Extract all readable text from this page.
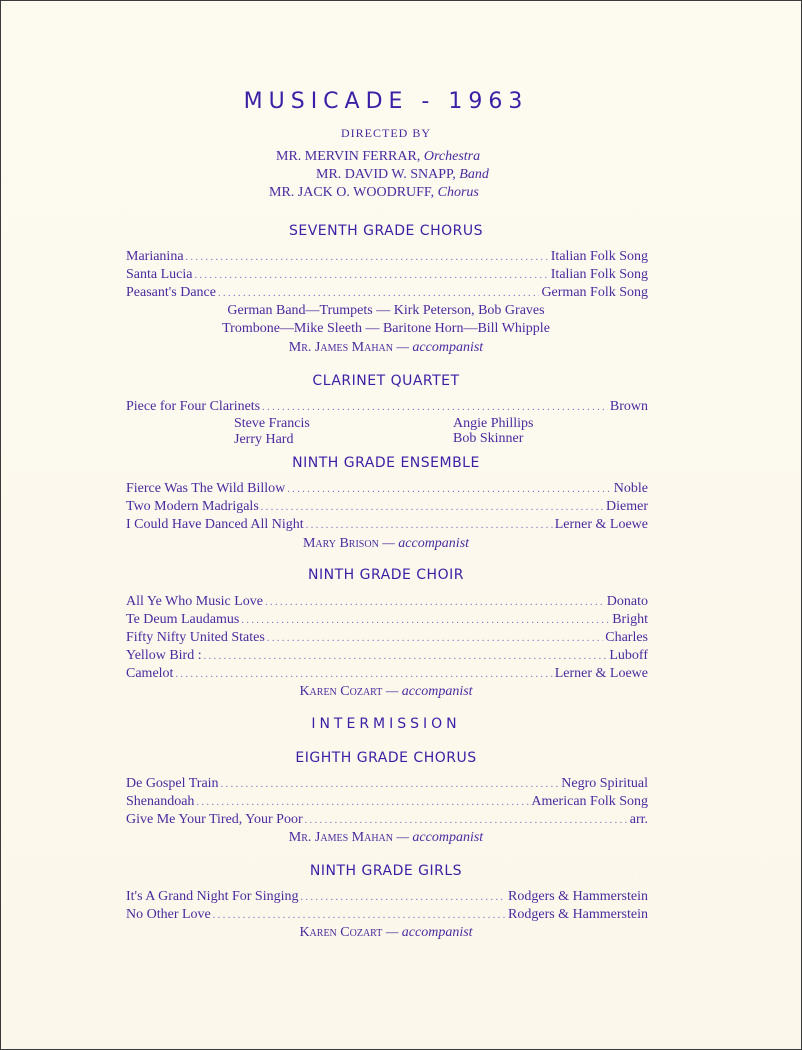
MUSICADE - 1963
DIRECTED BY
MR. MERVIN FERRAR, Orchestra
MR. DAVID W. SNAPP, Band
MR. JACK O. WOODRUFF, Chorus
SEVENTH GRADE CHORUS
Marianina . . .	Italian Folk Song
Santa Lucia . . .	Italian Folk Song
Peasant's Dance . . .	German Folk Song
German Band—Trumpets — Kirk Peterson, Bob Graves
Trombone—Mike Sleeth — Baritone Horn—Bill Whipple
Mr. James Mahan — accompanist
CLARINET QUARTET
Piece for Four Clarinets . . .	Brown
Steve Francis	Angie Phillips
Jerry Hard	Bob Skinner
NINTH GRADE ENSEMBLE
Fierce Was The Wild Billow . . .	Noble
Two Modern Madrigals . . .	Diemer
I Could Have Danced All Night . . .	Lerner & Loewe
Mary Brison — accompanist
NINTH GRADE CHOIR
All Ye Who Music Love . . .	Donato
Te Deum Laudamus . . .	Bright
Fifty Nifty United States . . .	Charles
Yellow Bird : . . .	Luboff
Camelot . . .	Lerner & Loewe
Karen Cozart — accompanist
INTERMISSION
EIGHTH GRADE CHORUS
De Gospel Train . . .	Negro Spiritual
Shenandoah . . .	American Folk Song
Give Me Your Tired, Your Poor . . .	arr.
Mr. James Mahan — accompanist
NINTH GRADE GIRLS
It's A Grand Night For Singing . . .	Rodgers & Hammerstein
No Other Love . . .	Rodgers & Hammerstein
Karen Cozart — accompanist
